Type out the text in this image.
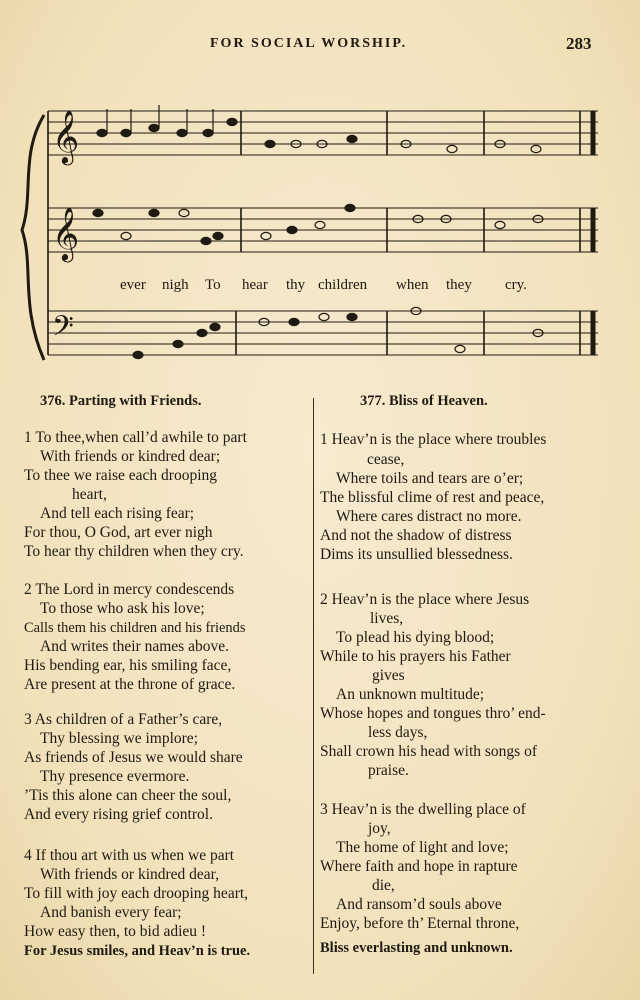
FOR SOCIAL WORSHIP.	283
𝄞
𝄞
𝄢
ever nigh To hear thy children when they cry.
376. Parting with Friends.	377. Bliss of Heaven.
1 To thee,when call’d awhile to part
With friends or kindred dear;
To thee we raise each drooping
heart,
And tell each rising fear;
For thou, O God, art ever nigh
To hear thy children when they cry.
2 The Lord in mercy condescends
To those who ask his love;
Calls them his children and his friends
And writes their names above.
His bending ear, his smiling face,
Are present at the throne of grace.
3 As children of a Father’s care,
Thy blessing we implore;
As friends of Jesus we would share
Thy presence evermore.
’Tis this alone can cheer the soul,
And every rising grief control.
4 If thou art with us when we part
With friends or kindred dear,
To fill with joy each drooping heart,
And banish every fear;
How easy then, to bid adieu !
For Jesus smiles, and Heav’n is true.
1 Heav’n is the place where troubles
cease,
Where toils and tears are o’er;
The blissful clime of rest and peace,
Where cares distract no more.
And not the shadow of distress
Dims its unsullied blessedness.
2 Heav’n is the place where Jesus
lives,
To plead his dying blood;
While to his prayers his Father
gives
An unknown multitude;
Whose hopes and tongues thro’ end-
less days,
Shall crown his head with songs of
praise.
3 Heav’n is the dwelling place of
joy,
The home of light and love;
Where faith and hope in rapture
die,
And ransom’d souls above
Enjoy, before th’ Eternal throne,
Bliss everlasting and unknown.
